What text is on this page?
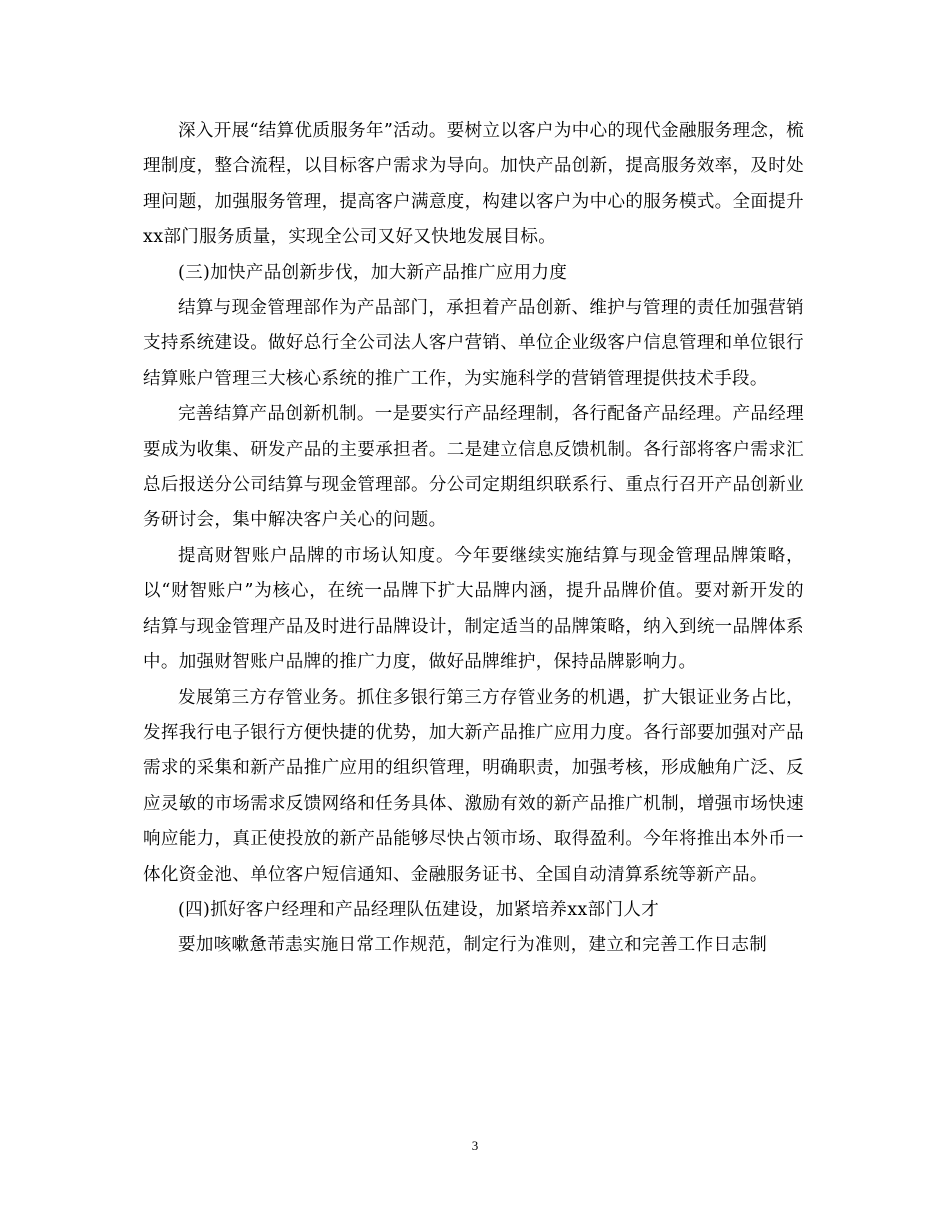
深入开展“结算优质服务年”活动。要树立以客户为中心的现代金融服务理念，梳理制度，整合流程，以目标客户需求为导向。加快产品创新，提高服务效率，及时处理问题，加强服务管理，提高客户满意度，构建以客户为中心的服务模式。全面提升xx部门服务质量，实现全公司又好又快地发展目标。

(三)加快产品创新步伐，加大新产品推广应用力度

结算与现金管理部作为产品部门，承担着产品创新、维护与管理的责任加强营销支持系统建设。做好总行全公司法人客户营销、单位企业级客户信息管理和单位银行结算账户管理三大核心系统的推广工作，为实施科学的营销管理提供技术手段。

完善结算产品创新机制。一是要实行产品经理制，各行配备产品经理。产品经理要成为收集、研发产品的主要承担者。二是建立信息反馈机制。各行部将客户需求汇总后报送分公司结算与现金管理部。分公司定期组织联系行、重点行召开产品创新业务研讨会，集中解决客户关心的问题。

提高财智账户品牌的市场认知度。今年要继续实施结算与现金管理品牌策略，以“财智账户”为核心，在统一品牌下扩大品牌内涵，提升品牌价值。要对新开发的结算与现金管理产品及时进行品牌设计，制定适当的品牌策略，纳入到统一品牌体系中。加强财智账户品牌的推广力度，做好品牌维护，保持品牌影响力。

发展第三方存管业务。抓住多银行第三方存管业务的机遇，扩大银证业务占比，发挥我行电子银行方便快捷的优势，加大新产品推广应用力度。各行部要加强对产品需求的采集和新产品推广应用的组织管理，明确职责，加强考核，形成触角广泛、反应灵敏的市场需求反馈网络和任务具体、激励有效的新产品推广机制，增强市场快速响应能力，真正使投放的新产品能够尽快占领市场、取得盈利。今年将推出本外币一体化资金池、单位客户短信通知、金融服务证书、全国自动清算系统等新产品。

(四)抓好客户经理和产品经理队伍建设，加紧培养xx部门人才

要加咳嗽惫芾恚实施日常工作规范，制定行为准则，建立和完善工作日志制

3
